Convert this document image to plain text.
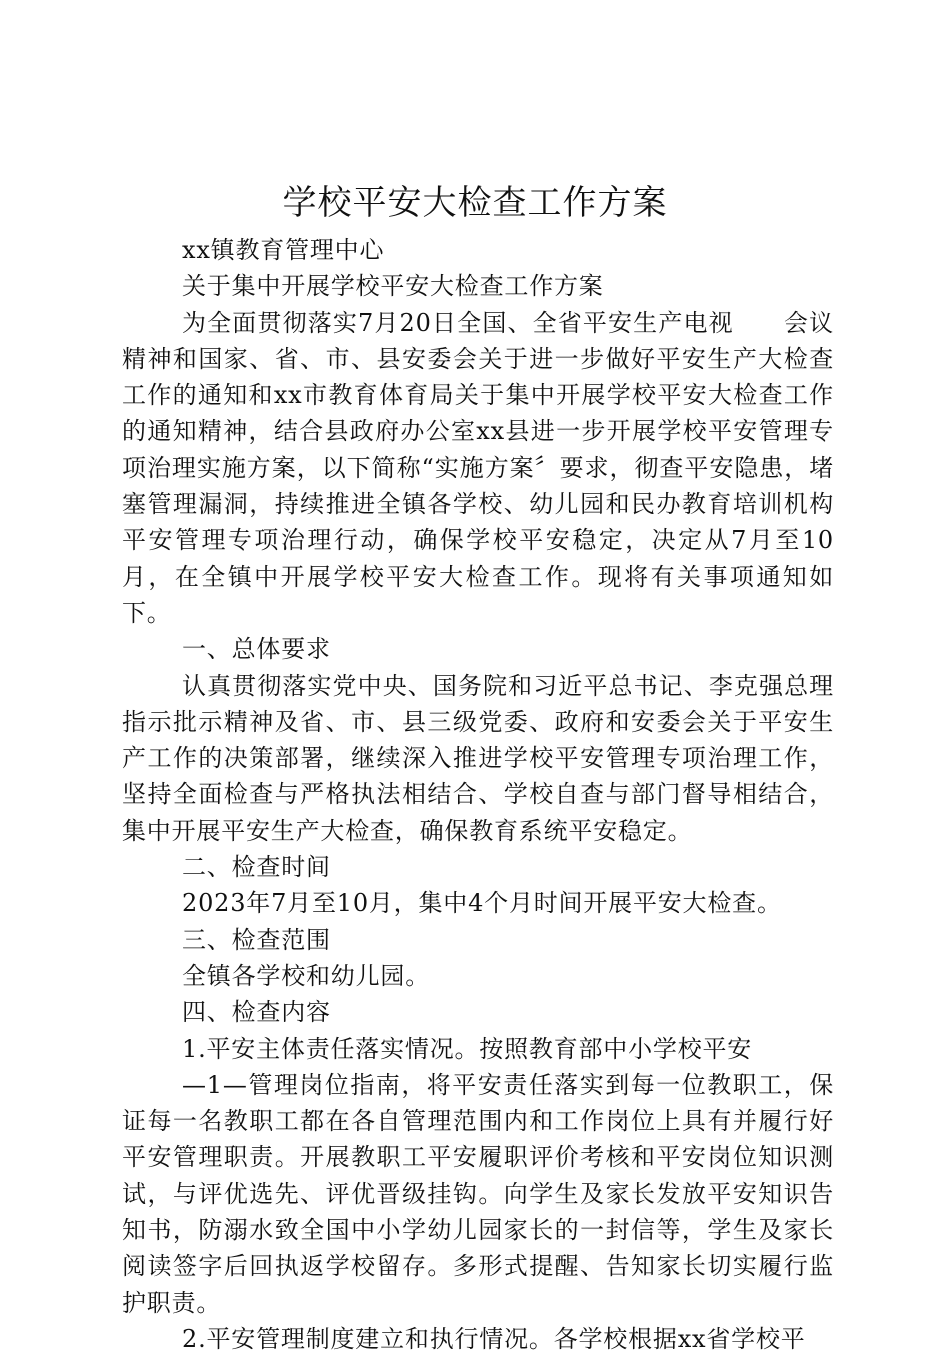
学校平安大检查工作方案

xx镇教育管理中心

关于集中开展学校平安大检查工作方案

为全面贯彻落实7月20日全国、全省平安生产电视　　会议精神和国家、省、市、县安委会关于进一步做好平安生产大检查工作的通知和xx市教育体育局关于集中开展学校平安大检查工作的通知精神，结合县政府办公室xx县进一步开展学校平安管理专项治理实施方案，以下简称“实施方案〞要求，彻查平安隐患，堵塞管理漏洞，持续推进全镇各学校、幼儿园和民办教育培训机构平安管理专项治理行动，确保学校平安稳定，决定从7月至10月，在全镇中开展学校平安大检查工作。现将有关事项通知如下。

一、总体要求

认真贯彻落实党中央、国务院和习近平总书记、李克强总理指示批示精神及省、市、县三级党委、政府和安委会关于平安生产工作的决策部署，继续深入推进学校平安管理专项治理工作，坚持全面检查与严格执法相结合、学校自查与部门督导相结合，集中开展平安生产大检查，确保教育系统平安稳定。

二、检查时间

2023年7月至10月，集中4个月时间开展平安大检查。

三、检查范围

全镇各学校和幼儿园。

四、检查内容

1.平安主体责任落实情况。按照教育部中小学校平安

—1—管理岗位指南，将平安责任落实到每一位教职工，保证每一名教职工都在各自管理范围内和工作岗位上具有并履行好平安管理职责。开展教职工平安履职评价考核和平安岗位知识测试，与评优选先、评优晋级挂钩。向学生及家长发放平安知识告知书，防溺水致全国中小学幼儿园家长的一封信等，学生及家长阅读签字后回执返学校留存。多形式提醒、告知家长切实履行监护职责。

2.平安管理制度建立和执行情况。各学校根据xx省学校平
